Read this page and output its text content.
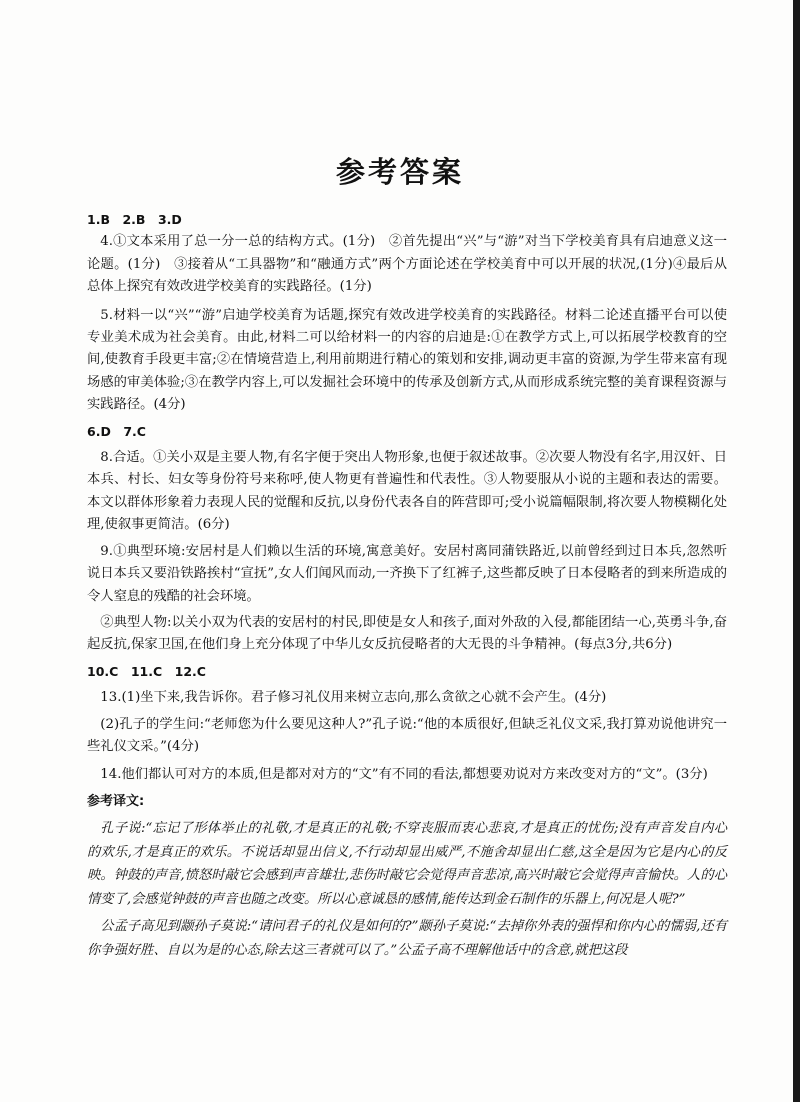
参考答案

1.B　2.B　3.D

4.①文本采用了总一分一总的结构方式。(1分)　②首先提出“兴”与“游”对当下学校美育具有启迪意义这一论题。(1分)　③接着从“工具器物”和“融通方式”两个方面论述在学校美育中可以开展的状况,(1分)④最后从总体上探究有效改进学校美育的实践路径。(1分)

5.材料一以“兴”“游”启迪学校美育为话题,探究有效改进学校美育的实践路径。材料二论述直播平台可以使专业美术成为社会美育。由此,材料二可以给材料一的内容的启迪是:①在教学方式上,可以拓展学校教育的空间,使教育手段更丰富;②在情境营造上,利用前期进行精心的策划和安排,调动更丰富的资源,为学生带来富有现场感的审美体验;③在教学内容上,可以发掘社会环境中的传承及创新方式,从而形成系统完整的美育课程资源与实践路径。(4分)

6.D　7.C

8.合适。①关小双是主要人物,有名字便于突出人物形象,也便于叙述故事。②次要人物没有名字,用汉奸、日本兵、村长、妇女等身份符号来称呼,使人物更有普遍性和代表性。③人物要服从小说的主题和表达的需要。本文以群体形象着力表现人民的觉醒和反抗,以身份代表各自的阵营即可;受小说篇幅限制,将次要人物模糊化处理,使叙事更简洁。(6分)

9.①典型环境:安居村是人们赖以生活的环境,寓意美好。安居村离同蒲铁路近,以前曾经到过日本兵,忽然听说日本兵又要沿铁路挨村“宣抚”,女人们闻风而动,一齐换下了红裤子,这些都反映了日本侵略者的到来所造成的令人窒息的残酷的社会环境。

②典型人物:以关小双为代表的安居村的村民,即使是女人和孩子,面对外敌的入侵,都能团结一心,英勇斗争,奋起反抗,保家卫国,在他们身上充分体现了中华儿女反抗侵略者的大无畏的斗争精神。(每点3分,共6分)

10.C　11.C　12.C

13.(1)坐下来,我告诉你。君子修习礼仪用来树立志向,那么贪欲之心就不会产生。(4分)

(2)孔子的学生问:“老师您为什么要见这种人?”孔子说:“他的本质很好,但缺乏礼仪文采,我打算劝说他讲究一些礼仪文采。”(4分)

14.他们都认可对方的本质,但是都对对方的“文”有不同的看法,都想要劝说对方来改变对方的“文”。(3分)

参考译文:

孔子说:“忘记了形体举止的礼敬,才是真正的礼敬;不穿丧服而衷心悲哀,才是真正的忧伤;没有声音发自内心的欢乐,才是真正的欢乐。不说话却显出信义,不行动却显出威严,不施舍却显出仁慈,这全是因为它是内心的反映。钟鼓的声音,愤怒时敲它会感到声音雄壮,悲伤时敲它会觉得声音悲凉,高兴时敲它会觉得声音愉快。人的心情变了,会感觉钟鼓的声音也随之改变。所以心意诚恳的感情,能传达到金石制作的乐器上,何况是人呢?”

公孟子高见到颛孙子莫说:“请问君子的礼仪是如何的?”颛孙子莫说:“去掉你外表的强悍和你内心的懦弱,还有你争强好胜、自以为是的心态,除去这三者就可以了。”公孟子高不理解他话中的含意,就把这段
